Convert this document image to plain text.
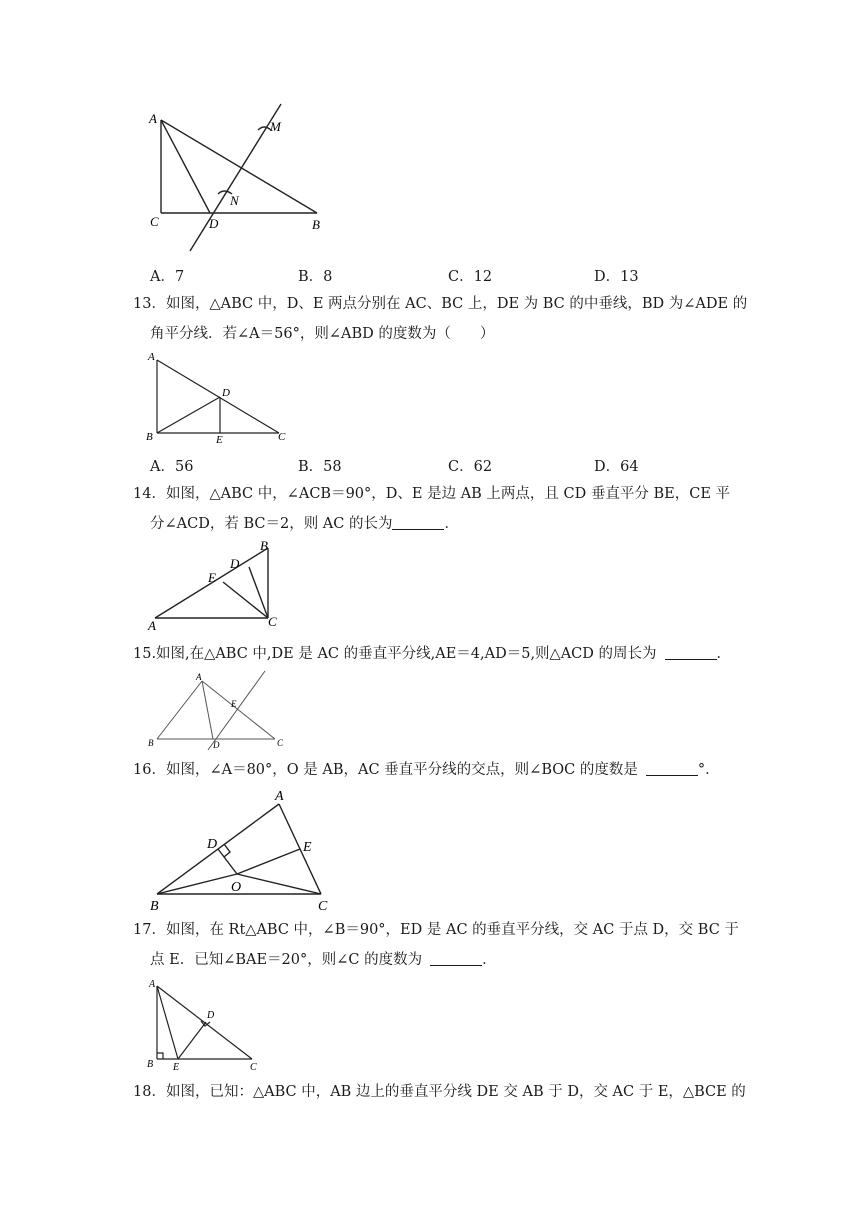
A
C	D	B
M
N
A．7	B．8	C．12	D．13
13．如图，△ABC 中，D、E 两点分别在 AC、BC 上，DE 为 BC 的中垂线，BD 为∠ADE 的
角平分线．若∠A＝56°，则∠ABD 的度数为（　　）
A
B
D
E	C
A．56	B．58	C．62	D．64
14．如图，△ABC 中，∠ACB＝90°，D、E 是边 AB 上两点，且 CD 垂直平分 BE，CE 平
分∠ACD，若 BC＝2，则 AC 的长为	．
A
E
D
B
C
15.如图,在△ABC 中,DE 是 AC 的垂直平分线,AE＝4,AD＝5,则△ACD 的周长为	．
A
E
B	D	C
16．如图，∠A＝80°，O 是 AB，AC 垂直平分线的交点，则∠BOC 的度数是	°．
A
D	E
O
B	C
17．如图，在 Rt△ABC 中，∠B＝90°，ED 是 AC 的垂直平分线，交 AC 于点 D，交 BC 于
点 E．已知∠BAE＝20°，则∠C 的度数为	．
A
D
B E	C
18．如图，已知：△ABC 中，AB 边上的垂直平分线 DE 交 AB 于 D，交 AC 于 E，△BCE 的
